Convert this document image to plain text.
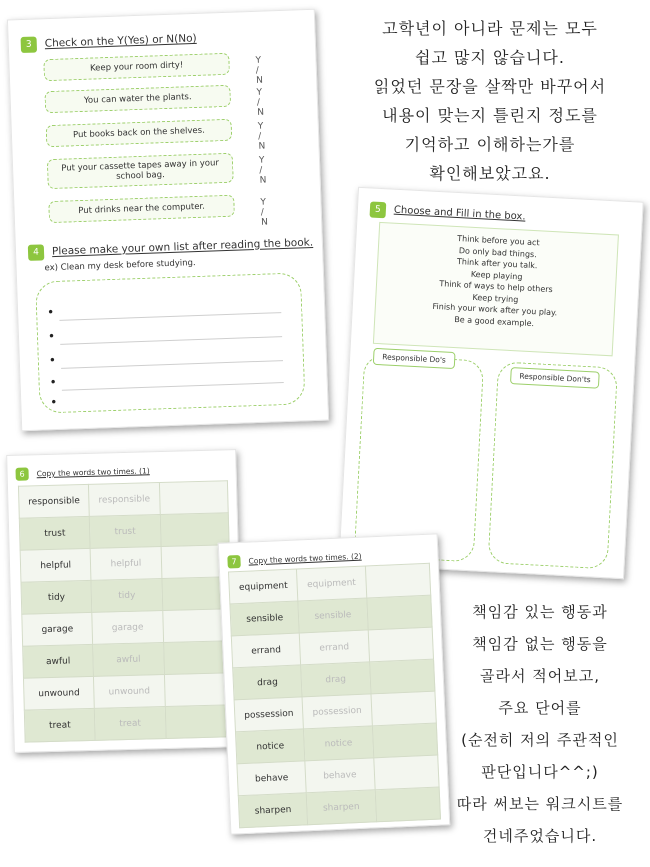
고학년이 아니라 문제는 모두
쉽고 많지 않습니다.
읽었던 문장을 살짝만 바꾸어서
내용이 맞는지 틀린지 정도를
기억하고 이해하는가를
확인해보았고요.
3 Check on the Y(Yes) or N(No)
Keep your room dirty!	Y / N
You can water the plants.	Y / N
Put books back on the shelves.	Y / N
Put your cassette tapes away in your school bag.
Y / N
Put drinks near the computer.	Y / N
4 Please make your own list after reading the book.
ex) Clean my desk before studying.
•
•
•
•
•
5 Choose and Fill in the box.
Think before you act
Do only bad things.
Think after you talk.
Keep playing
Think of ways to help others
Keep trying
Finish your work after you play.
Be a good example.
Responsible Do's
Responsible Don'ts
6 Copy the words two times. (1)
responsible	responsible	
trust	trust	
helpful	helpful	
tidy	tidy	
garage	garage	
awful	awful	
unwound	unwound	
treat	treat	
7 Copy the words two times. (2)
equipment	equipment	
sensible	sensible	
errand	errand	
drag	drag	
possession	possession	
notice	notice	
behave	behave	
sharpen	sharpen	
책임감 있는 행동과
책임감 없는 행동을
골라서 적어보고,
주요 단어를
(순전히 저의 주관적인
판단입니다^^;)
따라 써보는 워크시트를
건네주었습니다.
